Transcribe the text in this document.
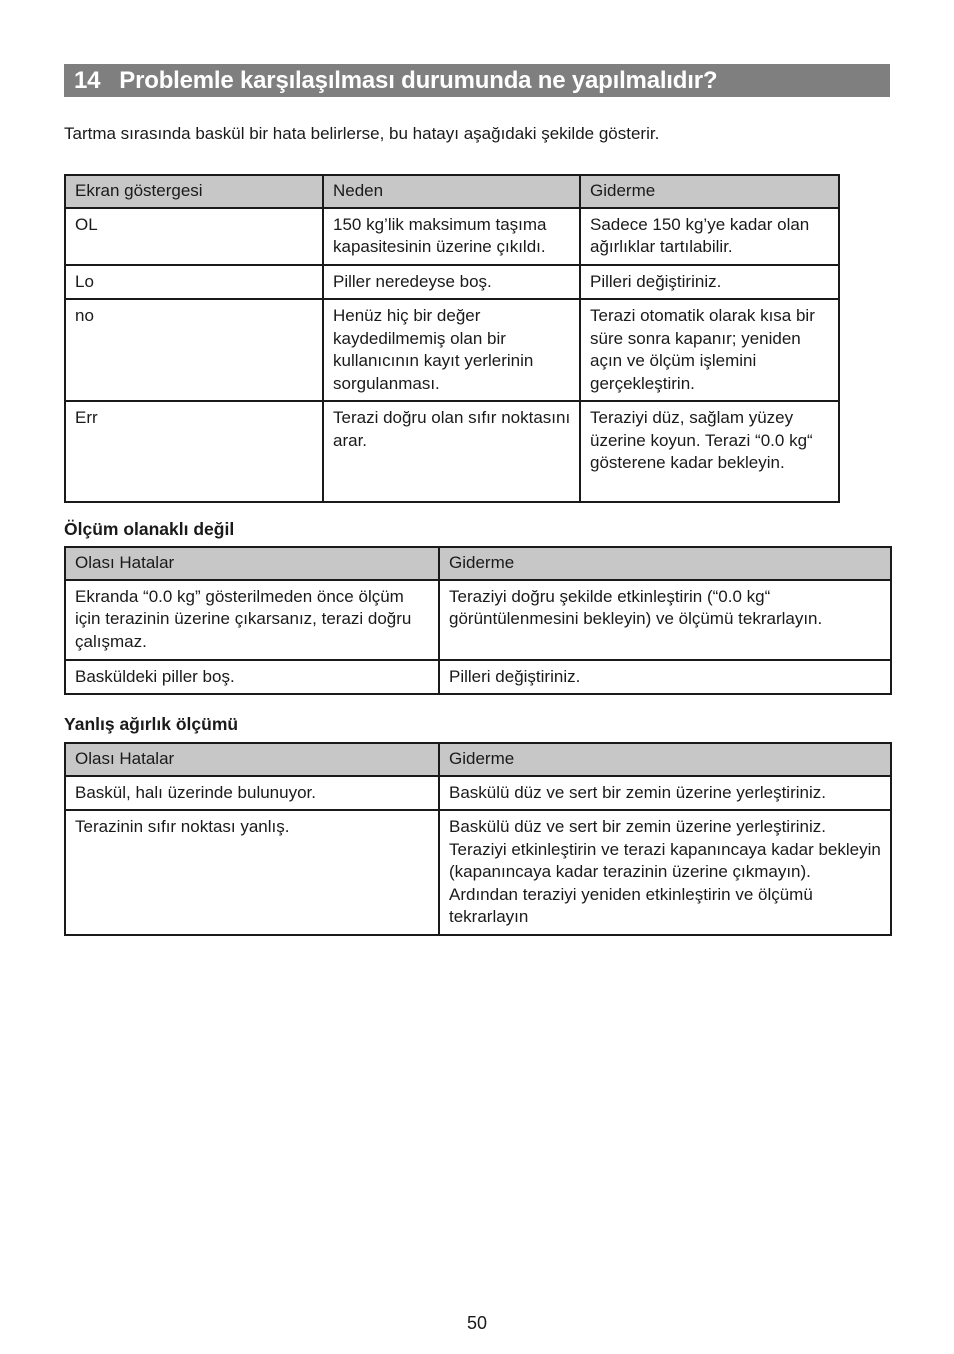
14 Problemle karşılaşılması durumunda ne yapılmalıdır?
Tartma sırasında baskül bir hata belirlerse, bu hatayı aşağıdaki şekilde gösterir.
Ekran göstergesi	Neden	Giderme
OL	150 kg’lik maksimum taşıma kapasitesinin üzerine çıkıldı.	Sadece 150 kg’ye kadar olan ağırlıklar tartılabilir.
Lo	Piller neredeyse boş.	Pilleri değiştiriniz.
no	Henüz hiç bir değer kaydedilmemiş olan bir kullanıcının kayıt yerlerinin sorgulanması.	Terazi otomatik olarak kısa bir süre sonra kapanır; yeniden açın ve ölçüm işlemini gerçekleştirin.
Err	Terazi doğru olan sıfır noktasını arar.	Teraziyi düz, sağlam yüzey üzerine koyun. Terazi “0.0 kg“ gösterene kadar bekleyin.
Ölçüm olanaklı değil
Olası Hatalar	Giderme
Ekranda “0.0 kg” gösterilmeden önce ölçüm için terazinin üzerine çıkarsanız, terazi doğru çalışmaz.	Teraziyi doğru şekilde etkinleştirin (“0.0 kg“ görüntülenmesini bekleyin) ve ölçümü tekrarlayın.
Basküldeki piller boş.	Pilleri değiştiriniz.
Yanlış ağırlık ölçümü
Olası Hatalar	Giderme
Baskül, halı üzerinde bulunuyor.	Baskülü düz ve sert bir zemin üzerine yerleştiriniz.
Terazinin sıfır noktası yanlış.	Baskülü düz ve sert bir zemin üzerine yerleştiriniz. Teraziyi etkinleştirin ve terazi kapanıncaya kadar bekleyin (kapanıncaya kadar terazinin üzerine çıkmayın). Ardından teraziyi yeniden etkinleştirin ve ölçümü tekrarlayın
50
